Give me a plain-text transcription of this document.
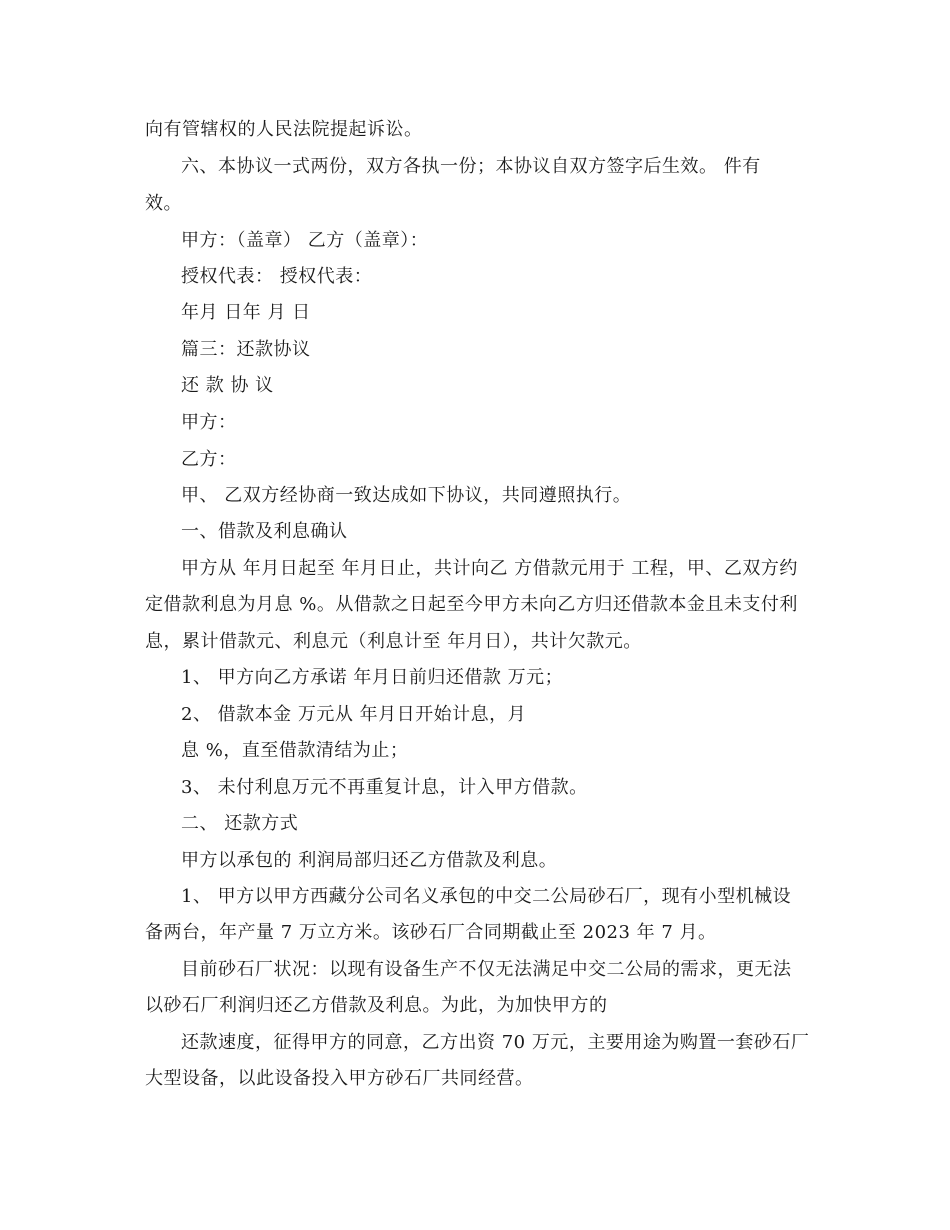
向有管辖权的人民法院提起诉讼。
六、本协议一式两份，双方各执一份；本协议自双方签字后生效。 件有
效。
甲方：（盖章） 乙方（盖章）：
授权代表： 授权代表：
年月 日年 月 日
篇三：还款协议
还 款 协 议
甲方：
乙方：
甲、 乙双方经协商一致达成如下协议，共同遵照执行。
一、借款及利息确认
甲方从 年月日起至 年月日止，共计向乙 方借款元用于 工程，甲、乙双方约
定借款利息为月息 %。从借款之日起至今甲方未向乙方归还借款本金且未支付利
息，累计借款元、利息元（利息计至 年月日），共计欠款元。
1、 甲方向乙方承诺 年月日前归还借款 万元；
2、 借款本金 万元从 年月日开始计息，月
息 %，直至借款清结为止；
3、 未付利息万元不再重复计息，计入甲方借款。
二、 还款方式
甲方以承包的 利润局部归还乙方借款及利息。
1、 甲方以甲方西藏分公司名义承包的中交二公局砂石厂，现有小型机械设
备两台，年产量 7 万立方米。该砂石厂合同期截止至 2023 年 7 月。
目前砂石厂状况：以现有设备生产不仅无法满足中交二公局的需求，更无法
以砂石厂利润归还乙方借款及利息。为此，为加快甲方的
还款速度，征得甲方的同意，乙方出资 70 万元，主要用途为购置一套砂石厂
大型设备，以此设备投入甲方砂石厂共同经营。
